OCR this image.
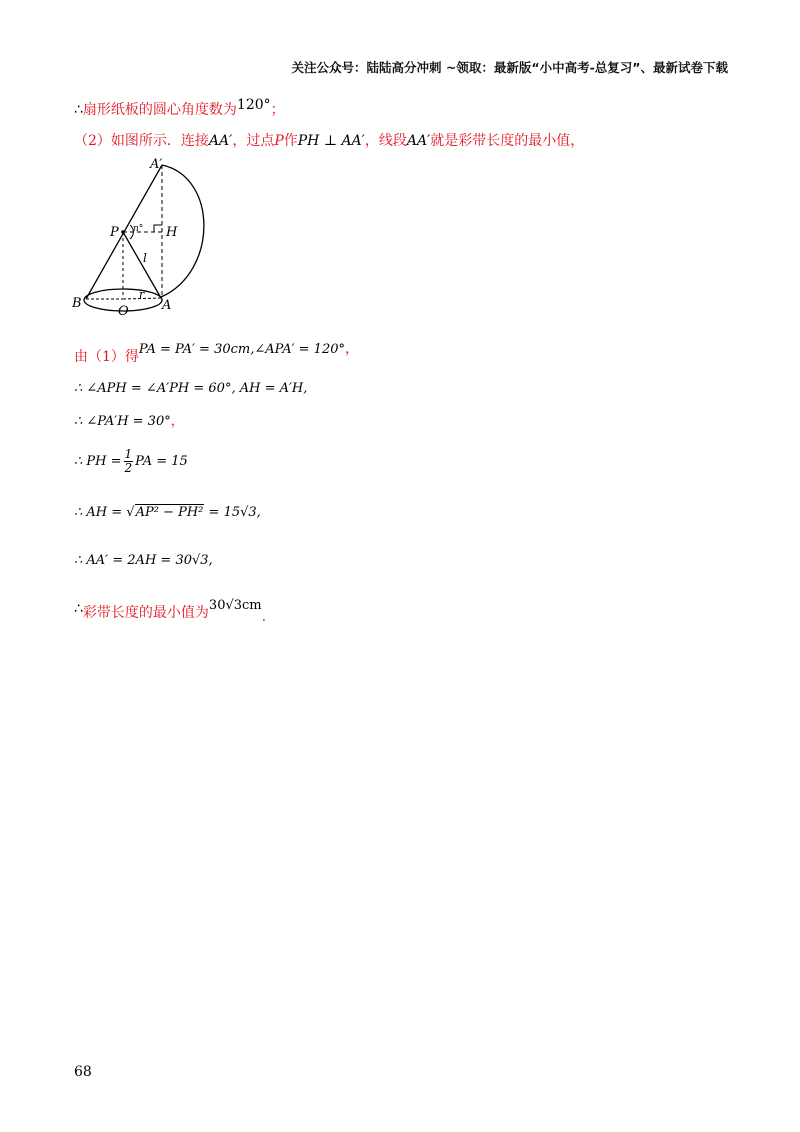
关注公众号：陆陆高分冲刺 ~领取：最新版“小中高考-总复习”、最新试卷下载
∴扇形纸板的圆心角度数为120°；
（2）如图所示．连接AA′，过点P作PH ⊥ AA′，线段AA′就是彩带长度的最小值，
A′
P n° H
l
r
B
O	A
由（1）得PA = PA′ = 30cm,∠APA′ = 120°，
∴ ∠APH = ∠A′PH = 60°, AH = A′H,
∴ ∠PA′H = 30°，
∴ PH = $\frac{1}{2}$ PA = 15
∴ AH = √AP² − PH² = 15√3,
∴ AA′ = 2AH = 30√3,
∴彩带长度的最小值为30√3cm.
68
